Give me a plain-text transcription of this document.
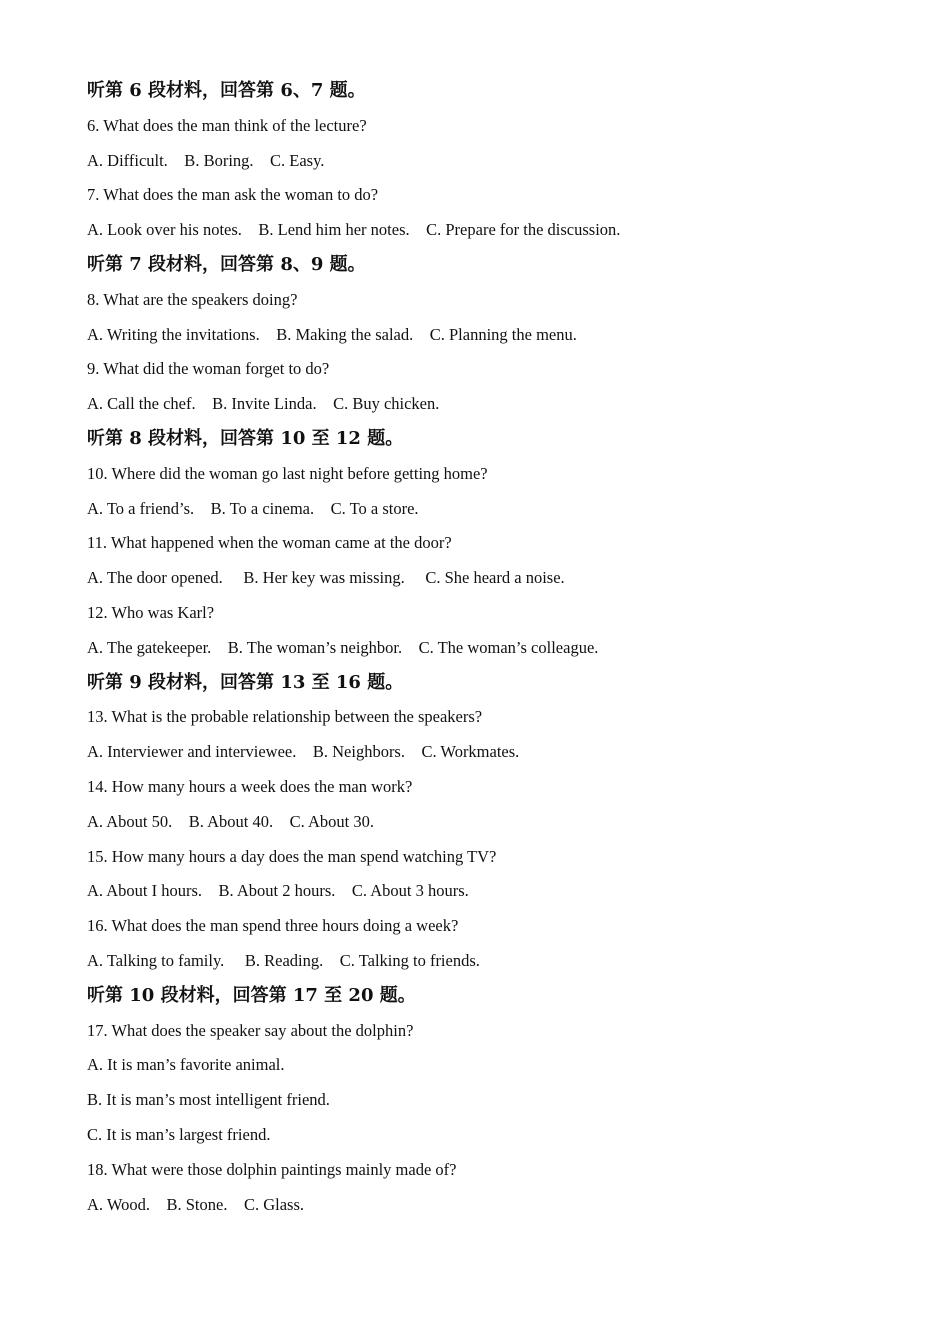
听第 6 段材料，回答第 6、7 题。
6. What does the man think of the lecture?
A. Difficult.    B. Boring.    C. Easy.
7. What does the man ask the woman to do?
A. Look over his notes.    B. Lend him her notes.    C. Prepare for the discussion.
听第 7 段材料，回答第 8、9 题。
8. What are the speakers doing?
A. Writing the invitations.    B. Making the salad.    C. Planning the menu.
9. What did the woman forget to do?
A. Call the chef.    B. Invite Linda.    C. Buy chicken.
听第 8 段材料，回答第 10 至 12 题。
10. Where did the woman go last night before getting home?
A. To a friend’s.    B. To a cinema.    C. To a store.
11. What happened when the woman came at the door?
A. The door opened.     B. Her key was missing.     C. She heard a noise.
12. Who was Karl?
A. The gatekeeper.    B. The woman’s neighbor.    C. The woman’s colleague.
听第 9 段材料，回答第 13 至 16 题。
13. What is the probable relationship between the speakers?
A. Interviewer and interviewee.    B. Neighbors.    C. Workmates.
14. How many hours a week does the man work?
A. About 50.    B. About 40.    C. About 30.
15. How many hours a day does the man spend watching TV?
A. About I hours.    B. About 2 hours.    C. About 3 hours.
16. What does the man spend three hours doing a week?
A. Talking to family.     B. Reading.    C. Talking to friends.
听第 10 段材料，回答第 17 至 20 题。
17. What does the speaker say about the dolphin?
A. It is man’s favorite animal.
B. It is man’s most intelligent friend.
C. It is man’s largest friend.
18. What were those dolphin paintings mainly made of?
A. Wood.    B. Stone.    C. Glass.
